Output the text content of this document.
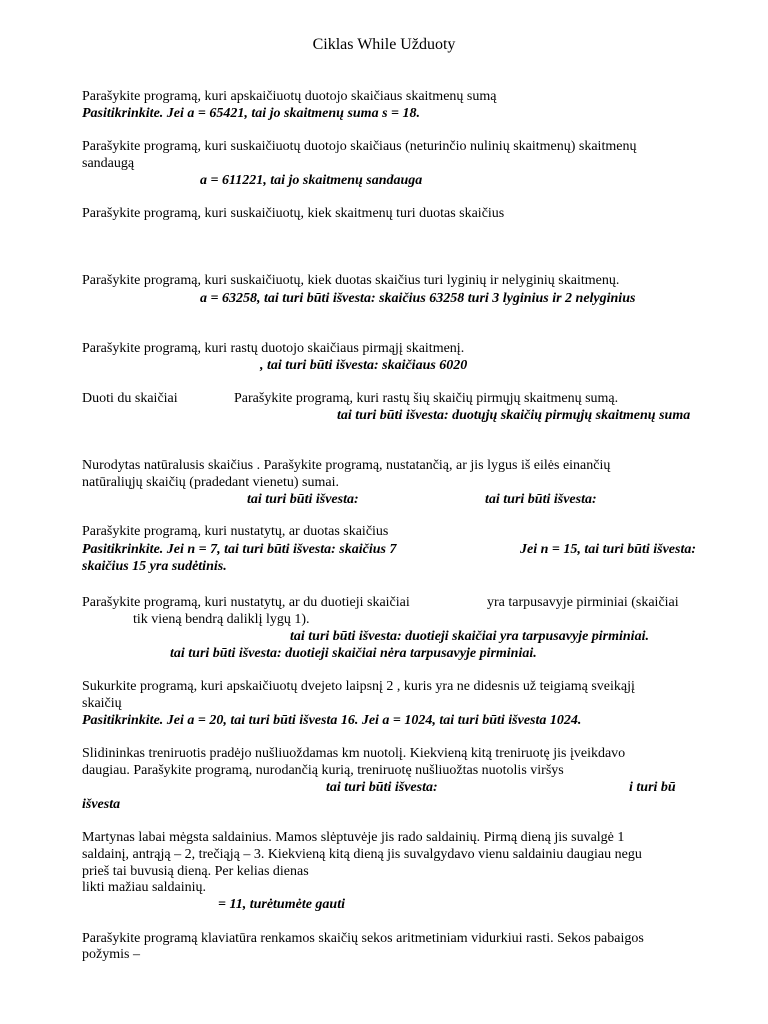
Ciklas While Užduoty
Parašykite programą, kuri apskaičiuotų duotojo skaičiaus skaitmenų sumą
Pasitikrinkite. Jei a = 65421, tai jo skaitmenų suma s = 18.
Parašykite programą, kuri suskaičiuotų duotojo skaičiaus (neturinčio nulinių skaitmenų) skaitmenų
sandaugą
a = 611221, tai jo skaitmenų sandauga
Parašykite programą, kuri suskaičiuotų, kiek skaitmenų turi duotas skaičius
Parašykite programą, kuri suskaičiuotų, kiek duotas skaičius turi lyginių ir nelyginių skaitmenų.
a = 63258, tai turi būti išvesta: skaičius 63258 turi 3 lyginius ir 2 nelyginius
Parašykite programą, kuri rastų duotojo skaičiaus pirmąjį skaitmenį.
, tai turi būti išvesta: skaičiaus 6020
Duoti du skaičiai	Parašykite programą, kuri rastų šių skaičių pirmųjų skaitmenų sumą.
tai turi būti išvesta: duotųjų skaičių pirmųjų skaitmenų suma
Nurodytas natūralusis skaičius . Parašykite programą, nustatančią, ar jis lygus iš eilės einančių
natūraliųjų skaičių (pradedant vienetu) sumai.
tai turi būti išvesta:	tai turi būti išvesta:
Parašykite programą, kuri nustatytų, ar duotas skaičius
Pasitikrinkite. Jei n = 7, tai turi būti išvesta: skaičius 7	Jei n = 15, tai turi būti išvesta:
skaičius 15 yra sudėtinis.
Parašykite programą, kuri nustatytų, ar du duotieji skaičiai	yra tarpusavyje pirminiai (skaičiai
tik vieną bendrą daliklį lygų 1).
tai turi būti išvesta: duotieji skaičiai yra tarpusavyje pirminiai.
tai turi būti išvesta: duotieji skaičiai nėra tarpusavyje pirminiai.
Sukurkite programą, kuri apskaičiuotų dvejeto laipsnį 2 , kuris yra ne didesnis už teigiamą sveikąjį
skaičių
Pasitikrinkite. Jei a = 20, tai turi būti išvesta 16. Jei a = 1024, tai turi būti išvesta 1024.
Slidininkas treniruotis pradėjo nušliuoždamas km nuotolį. Kiekvieną kitą treniruotę jis įveikdavo
daugiau. Parašykite programą, nurodančią kurią, treniruotę nušliuožtas nuotolis viršys
tai turi būti išvesta:	i turi bū
išvesta
Martynas labai mėgsta saldainius. Mamos slėptuvėje jis rado saldainių. Pirmą dieną jis suvalgė 1
saldainį, antrąją – 2, trečiąją – 3. Kiekvieną kitą dieną jis suvalgydavo vienu saldainiu daugiau negu
prieš tai buvusią dieną. Per kelias dienas
likti mažiau saldainių.
= 11, turėtumėte gauti
Parašykite programą klaviatūra renkamos skaičių sekos aritmetiniam vidurkiui rasti. Sekos pabaigos
požymis –
